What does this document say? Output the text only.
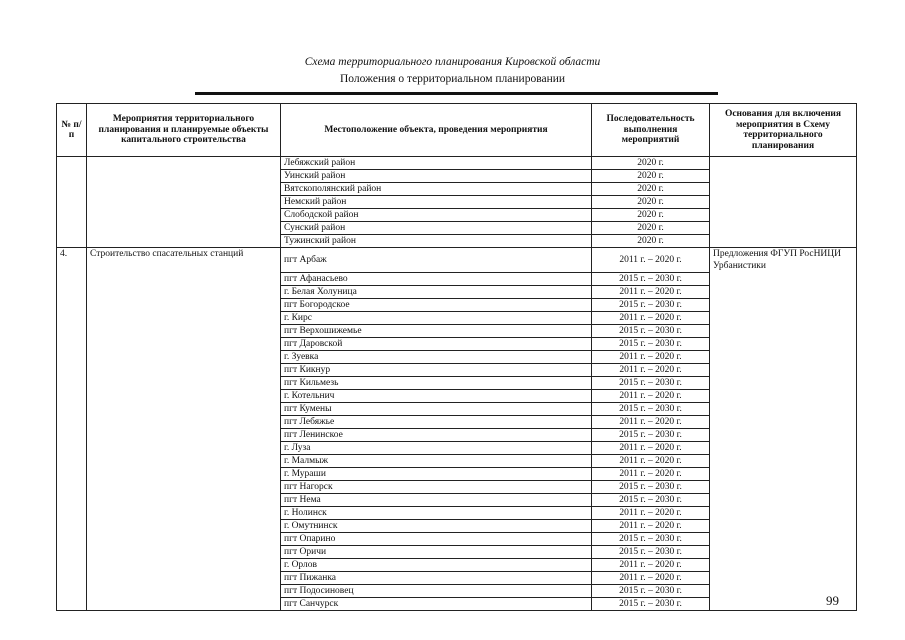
Схема территориального планирования Кировской области
Положения о территориальном планировании
№ п/п	Мероприятия территориального планирования и планируемые объекты капитального строительства	Местоположение объекта, проведения мероприятия	Последовательность выполнения мероприятий	Основания для включения мероприятия в Схему территориального планирования
		Лебяжский район	2020 г.	
		Уинский район	2020 г.	
		Вятскополянский район	2020 г.	
		Немский район	2020 г.	
		Слободской район	2020 г.	
		Сунский район	2020 г.	
		Тужинский район	2020 г.	
4.	Строительство спасательных станций	пгт Арбаж	2011 г. – 2020 г.	Предложения ФГУП РосНИЦИ Урбанистики
		пгт Афанасьево	2015 г. – 2030 г.	
		г. Белая Холуница	2011 г. – 2020 г.	
		пгт Богородское	2015 г. – 2030 г.	
		г. Кирс	2011 г. – 2020 г.	
		пгт Верхошижемье	2015 г. – 2030 г.	
		пгт Даровской	2015 г. – 2030 г.	
		г. Зуевка	2011 г. – 2020 г.	
		пгт Кикнур	2011 г. – 2020 г.	
		пгт Кильмезь	2015 г. – 2030 г.	
		г. Котельнич	2011 г. – 2020 г.	
		пгт Кумены	2015 г. – 2030 г.	
		пгт Лебяжье	2011 г. – 2020 г.	
		пгт Ленинское	2015 г. – 2030 г.	
		г. Луза	2011 г. – 2020 г.	
		г. Малмыж	2011 г. – 2020 г.	
		г. Мураши	2011 г. – 2020 г.	
		пгт Нагорск	2015 г. – 2030 г.	
		пгт Нема	2015 г. – 2030 г.	
		г. Нолинск	2011 г. – 2020 г.	
		г. Омутнинск	2011 г. – 2020 г.	
		пгт Опарино	2015 г. – 2030 г.	
		пгт Оричи	2015 г. – 2030 г.	
		г. Орлов	2011 г. – 2020 г.	
		пгт Пижанка	2011 г. – 2020 г.	
		пгт Подосиновец	2015 г. – 2030 г.	
		пгт Санчурск	2015 г. – 2030 г.		99
